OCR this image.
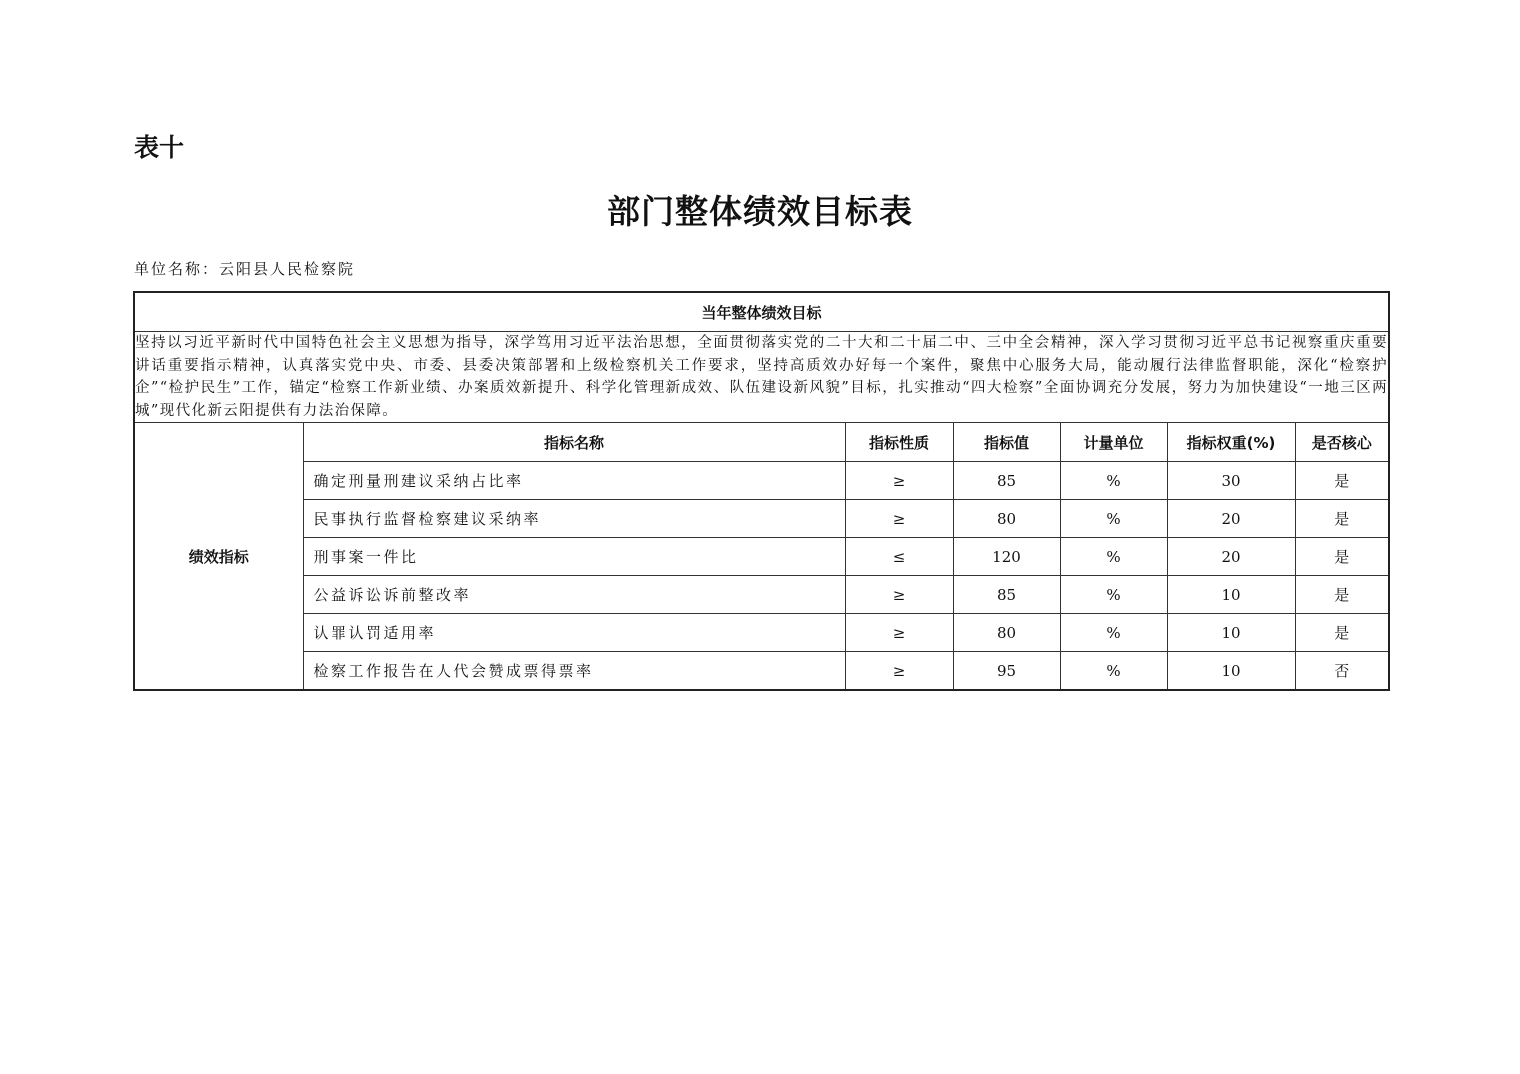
表十
部门整体绩效目标表
单位名称：云阳县人民检察院
当年整体绩效目标						
坚持以习近平新时代中国特色社会主义思想为指导，深学笃用习近平法治思想，全面贯彻落实党的二十大和二十届二中、三中全会精神，深入学习贯彻习近平总书记视察重庆重要讲话重要指示精神，认真落实党中央、市委、县委决策部署和上级检察机关工作要求，坚持高质效办好每一个案件，聚焦中心服务大局，能动履行法律监督职能，深化“检察护企”“检护民生”工作，锚定“检察工作新业绩、办案质效新提升、科学化管理新成效、队伍建设新风貌”目标，扎实推动“四大检察”全面协调充分发展，努力为加快建设“一地三区两城”现代化新云阳提供有力法治保障。						
绩效指标	指标名称	指标性质	指标值	计量单位	指标权重(%)	是否核心
	确定刑量刑建议采纳占比率	≥	85	%	30	是
	民事执行监督检察建议采纳率	≥	80	%	20	是
	刑事案一件比	≤	120	%	20	是
	公益诉讼诉前整改率	≥	85	%	10	是
	认罪认罚适用率	≥	80	%	10	是
	检察工作报告在人代会赞成票得票率	≥	95	%	10	否
